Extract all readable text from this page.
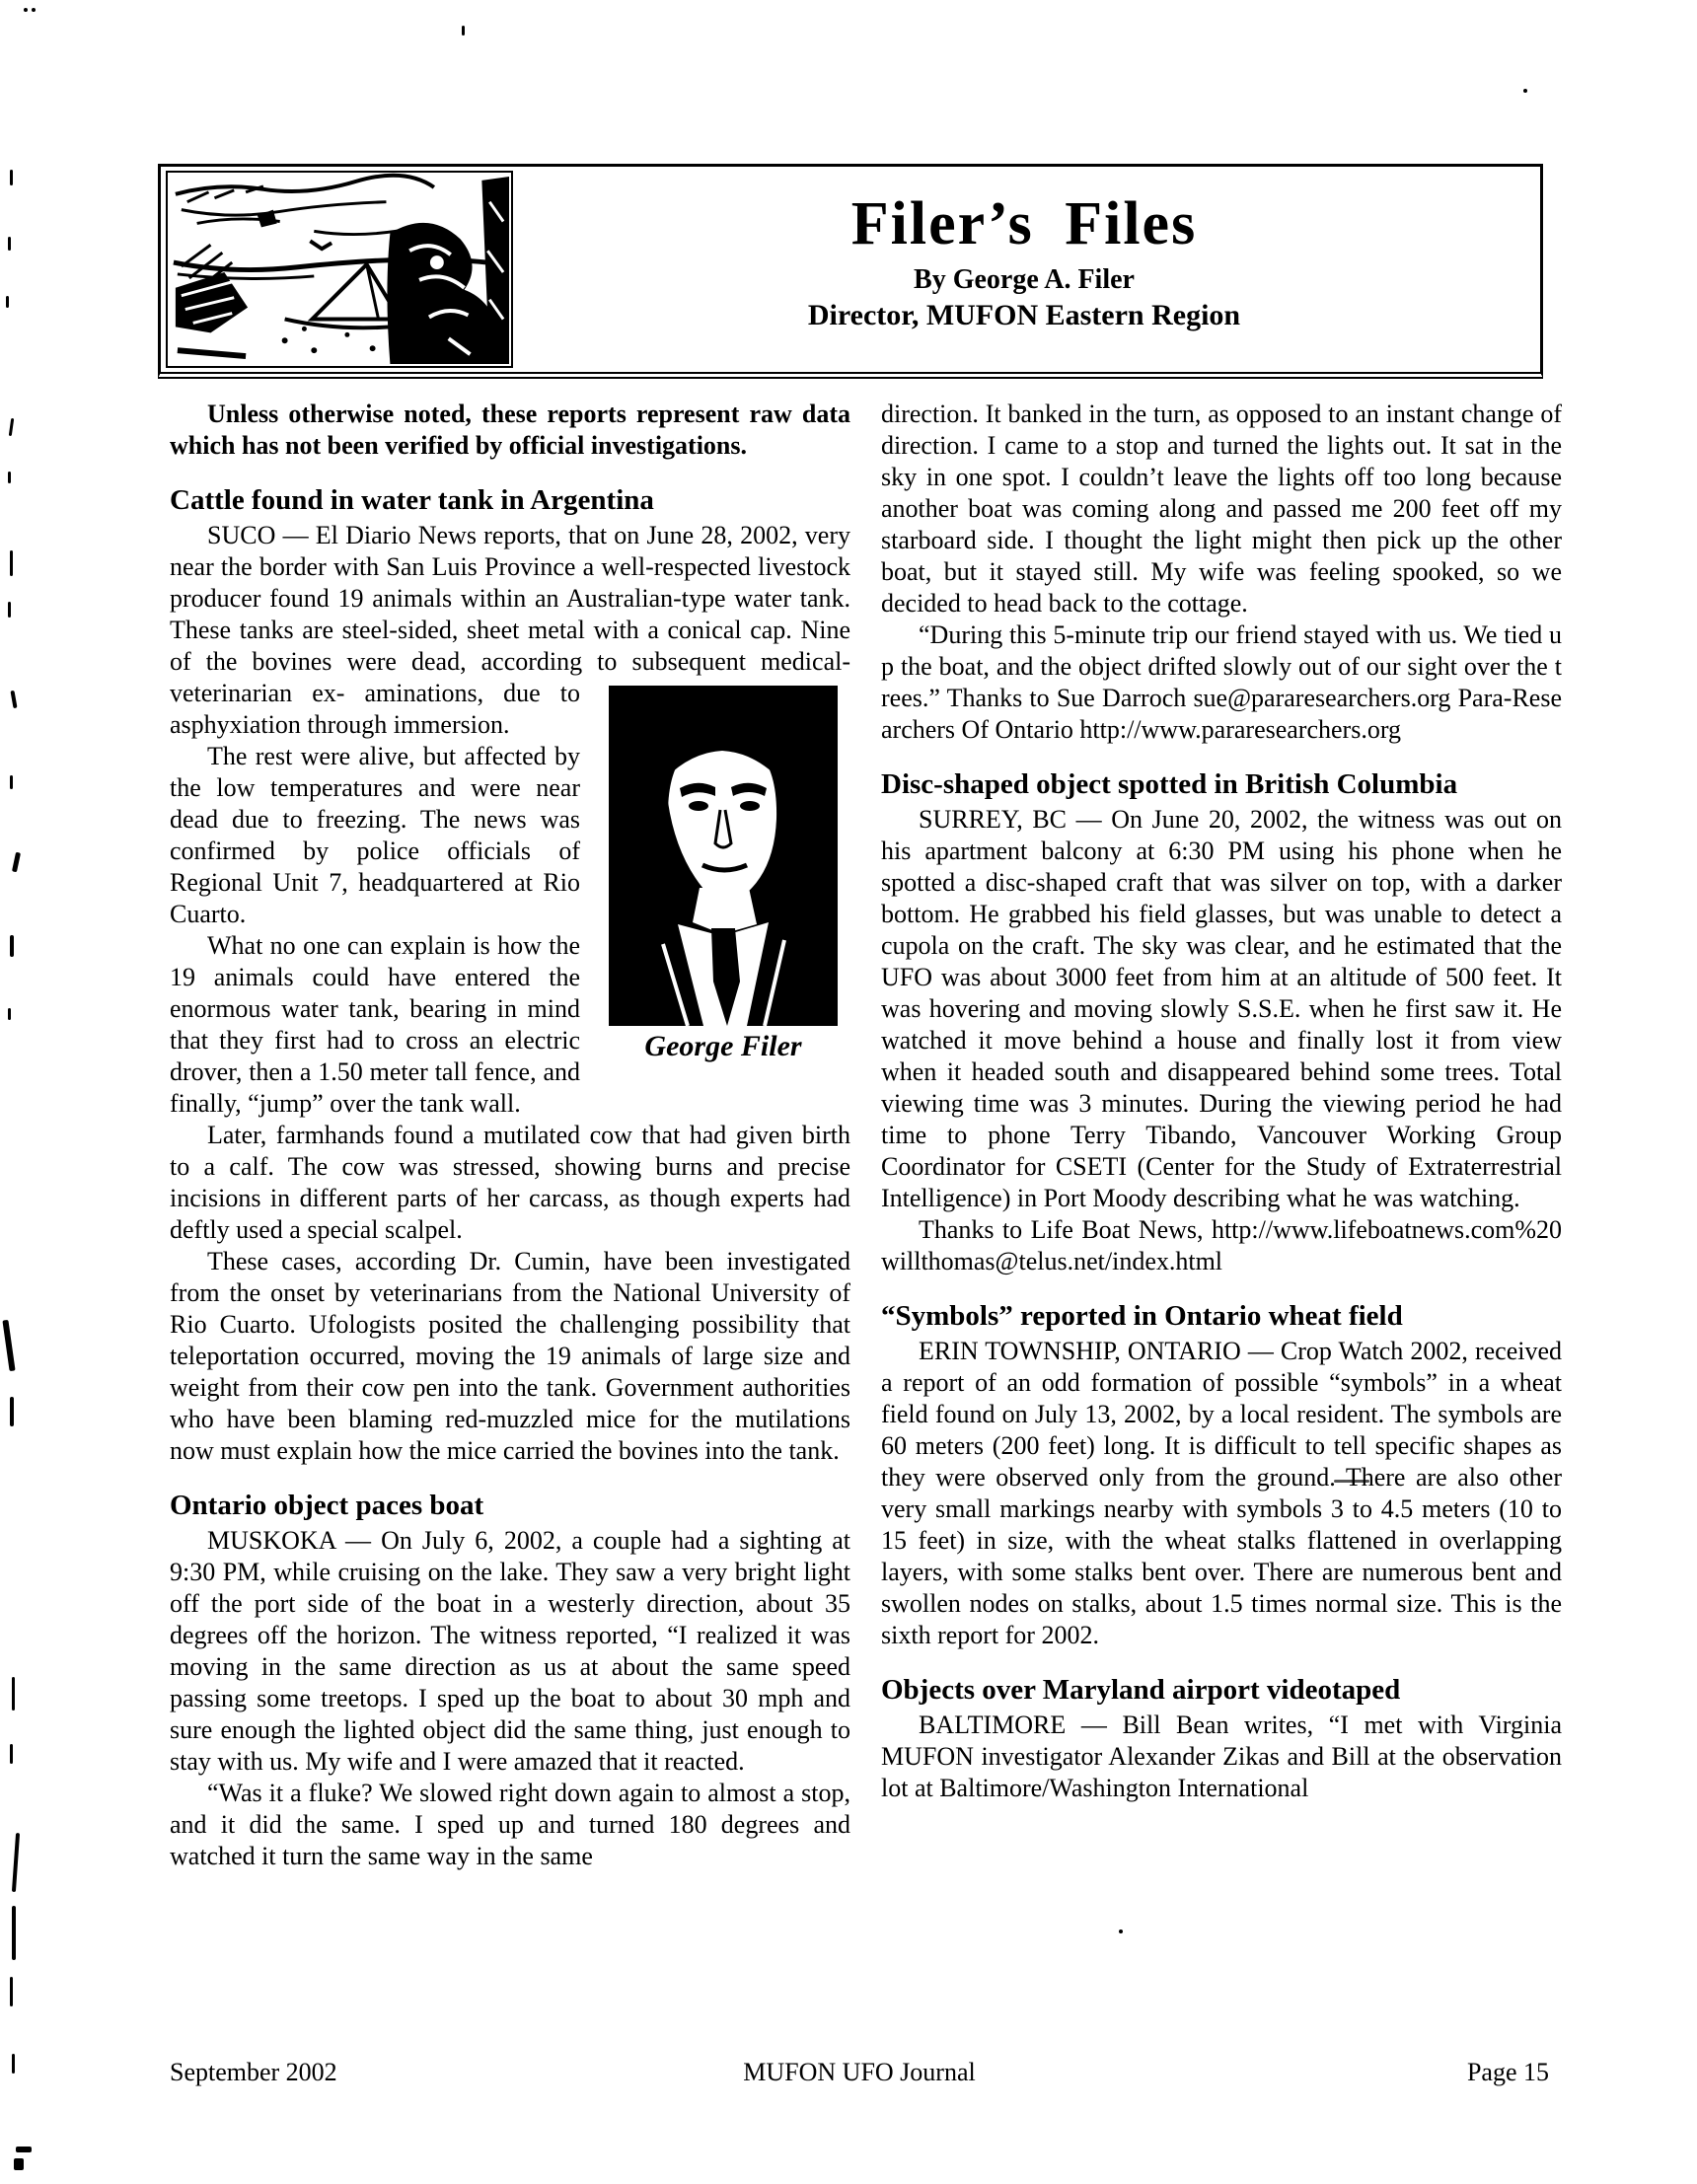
Filer’s Files
By George A. Filer
Director, MUFON Eastern Region

Unless otherwise noted, these reports represent raw data which has not been verified by official investigations.

Cattle found in water tank in Argentina
SUCO — El Diario News reports, that on June 28, 2002, very near the border with San Luis Province a well-respected livestock producer found 19 animals within an Australian-type water tank. These tanks are steel-sided, sheet metal with a conical cap. Nine of the bovines were dead, according to subsequent medical-veterinarian ex-
George Filer
aminations, due to asphyxiation through immersion.
The rest were alive, but affected by the low temperatures and were near dead due to freezing. The news was confirmed by police officials of Regional Unit 7, headquartered at Rio Cuarto.
What no one can explain is how the 19 animals could have entered the enormous water tank, bearing in mind that they first had to cross an electric drover, then a 1.50 meter tall fence, and finally, “jump” over the tank wall.
Later, farmhands found a mutilated cow that had given birth to a calf. The cow was stressed, showing burns and precise incisions in different parts of her carcass, as though experts had deftly used a special scalpel.
These cases, according Dr. Cumin, have been investigated from the onset by veterinarians from the National University of Rio Cuarto. Ufologists posited the challenging possibility that teleportation occurred, moving the 19 animals of large size and weight from their cow pen into the tank. Government authorities who have been blaming red-muzzled mice for the mutilations now must explain how the mice carried the bovines into the tank.
Ontario object paces boat
MUSKOKA — On July 6, 2002, a couple had a sighting at 9:30 PM, while cruising on the lake. They saw a very bright light off the port side of the boat in a westerly direction, about 35 degrees off the horizon. The witness reported, “I realized it was moving in the same direction as us at about the same speed passing some treetops. I sped up the boat to about 30 mph and sure enough the lighted object did the same thing, just enough to stay with us. My wife and I were amazed that it reacted.
“Was it a fluke? We slowed right down again to almost a stop, and it did the same. I sped up and turned 180 degrees and watched it turn the same way in the same
direction. It banked in the turn, as opposed to an instant change of direction. I came to a stop and turned the lights out. It sat in the sky in one spot. I couldn’t leave the lights off too long because another boat was coming along and passed me 200 feet off my starboard side. I thought the light might then pick up the other boat, but it stayed still. My wife was feeling spooked, so we decided to head back to the cottage.
“During this 5-minute trip our friend stayed with us. We tied up the boat, and the object drifted slowly out of our sight over the trees.” Thanks to Sue Darroch sue@pararesearchers.org Para-Researchers Of Ontario http://www.pararesearchers.org
Disc-shaped object spotted in British Columbia
SURREY, BC — On June 20, 2002, the witness was out on his apartment balcony at 6:30 PM using his phone when he spotted a disc-shaped craft that was silver on top, with a darker bottom. He grabbed his field glasses, but was unable to detect a cupola on the craft. The sky was clear, and he estimated that the UFO was about 3000 feet from him at an altitude of 500 feet. It was hovering and moving slowly S.S.E. when he first saw it. He watched it move behind a house and finally lost it from view when it headed south and disappeared behind some trees. Total viewing time was 3 minutes. During the viewing period he had time to phone Terry Tibando, Vancouver Working Group Coordinator for CSETI (Center for the Study of Extraterrestrial Intelligence) in Port Moody describing what he was watching.
Thanks to Life Boat News, http://www.lifeboatnews.com%20willthomas@telus.net/index.html
“Symbols” reported in Ontario wheat field
ERIN TOWNSHIP, ONTARIO — Crop Watch 2002, received a report of an odd formation of possible “symbols” in a wheat field found on July 13, 2002, by a local resident. The symbols are 60 meters (200 feet) long. It is difficult to tell specific shapes as they were observed only from the ground. There are also other very small markings nearby with symbols 3 to 4.5 meters (10 to 15 feet) in size, with the wheat stalks flattened in overlapping layers, with some stalks bent over. There are numerous bent and swollen nodes on stalks, about 1.5 times normal size. This is the sixth report for 2002.
Objects over Maryland airport videotaped
BALTIMORE — Bill Bean writes, “I met with Virginia MUFON investigator Alexander Zikas and Bill at the observation lot at Baltimore/Washington International
September 2002	MUFON UFO Journal	Page 15
